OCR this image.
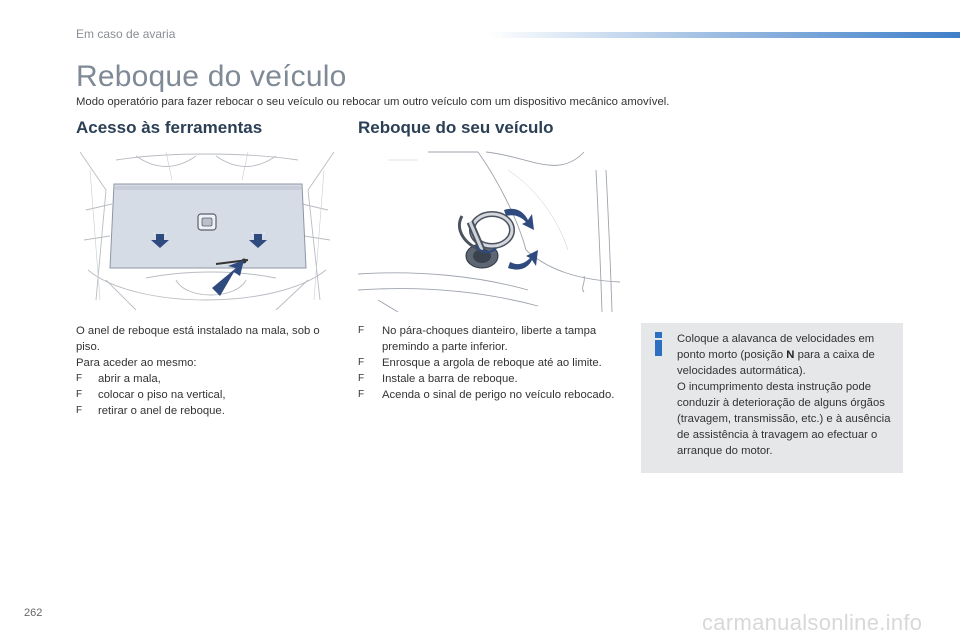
Em caso de avaria
Reboque do veículo
Modo operatório para fazer rebocar o seu veículo ou rebocar um outro veículo com um dispositivo mecânico amovível.
Acesso às ferramentas	Reboque do seu veículo

O anel de reboque está instalado na mala, sob o piso.

Para aceder ao mesmo:

F abrir a mala,
F colocar o piso na vertical,
F retirar o anel de reboque.
F No pára-choques dianteiro, liberte a tampa premindo a parte inferior.
F Enrosque a argola de reboque até ao limite.
F Instale a barra de reboque.
F Acenda o sinal de perigo no veículo rebocado.

Coloque a alavanca de velocidades em ponto morto (posição N para a caixa de velocidades autormática).

O incumprimento desta instrução pode conduzir à deterioração de alguns órgãos (travagem, transmissão, etc.) e à ausência de assistência à travagem ao efectuar o arranque do motor.

262	carmanualsonline.info
